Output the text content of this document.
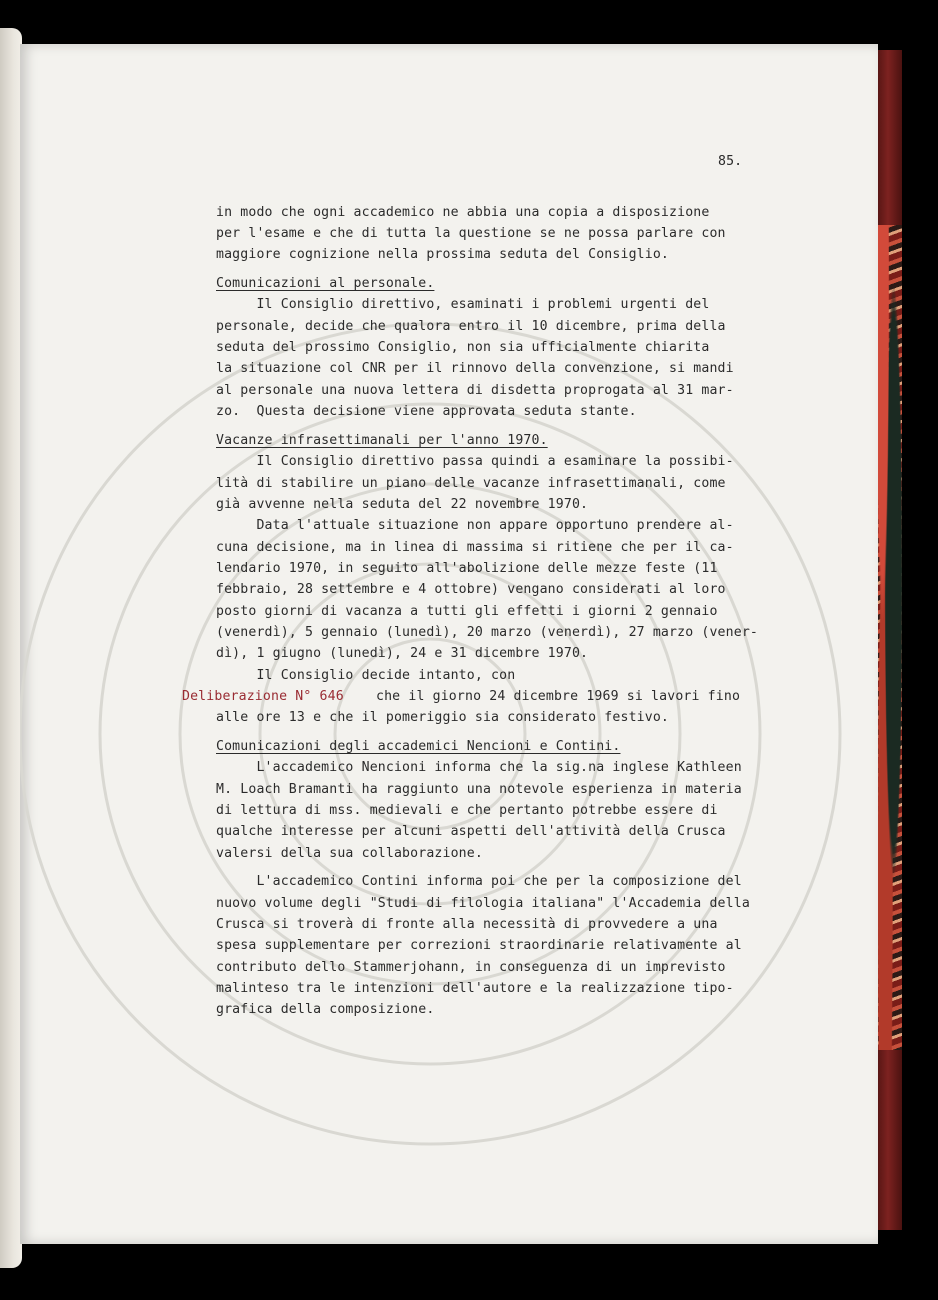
85.

in modo che ogni accademico ne abbia una copia a disposizione

per l'esame e che di tutta la questione se ne possa parlare con

maggiore cognizione nella prossima seduta del Consiglio.

Comunicazioni al personale.

Il Consiglio direttivo, esaminati i problemi urgenti del

personale, decide che qualora entro il 10 dicembre, prima della

seduta del prossimo Consiglio, non sia ufficialmente chiarita

la situazione col CNR per il rinnovo della convenzione, si mandi

al personale una nuova lettera di disdetta proprogata al 31 mar-

zo.  Questa decisione viene approvata seduta stante.

Vacanze infrasettimanali per l'anno 1970.

Il Consiglio direttivo passa quindi a esaminare la possibi-

lità di stabilire un piano delle vacanze infrasettimanali, come

già avvenne nella seduta del 22 novembre 1970.

Data l'attuale situazione non appare opportuno prendere al-

cuna decisione, ma in linea di massima si ritiene che per il ca-

lendario 1970, in seguito all'abolizione delle mezze feste (11

febbraio, 28 settembre e 4 ottobre) vengano considerati al loro

posto giorni di vacanza a tutti gli effetti i giorni 2 gennaio

(venerdì), 5 gennaio (lunedì), 20 marzo (venerdì), 27 marzo (vener-

dì), 1 giugno (lunedì), 24 e 31 dicembre 1970.

Il Consiglio decide intanto, con

Deliberazione N° 646 che il giorno 24 dicembre 1969 si lavori fino

alle ore 13 e che il pomeriggio sia considerato festivo.

Comunicazioni degli accademici Nencioni e Contini.

L'accademico Nencioni informa che la sig.na inglese Kathleen

M. Loach Bramanti ha raggiunto una notevole esperienza in materia

di lettura di mss. medievali e che pertanto potrebbe essere di

qualche interesse per alcuni aspetti dell'attività della Crusca

valersi della sua collaborazione.

L'accademico Contini informa poi che per la composizione del

nuovo volume degli "Studi di filologia italiana" l'Accademia della

Crusca si troverà di fronte alla necessità di provvedere a una

spesa supplementare per correzioni straordinarie relativamente al

contributo dello Stammerjohann, in conseguenza di un imprevisto

malinteso tra le intenzioni dell'autore e la realizzazione tipo-

grafica della composizione.
